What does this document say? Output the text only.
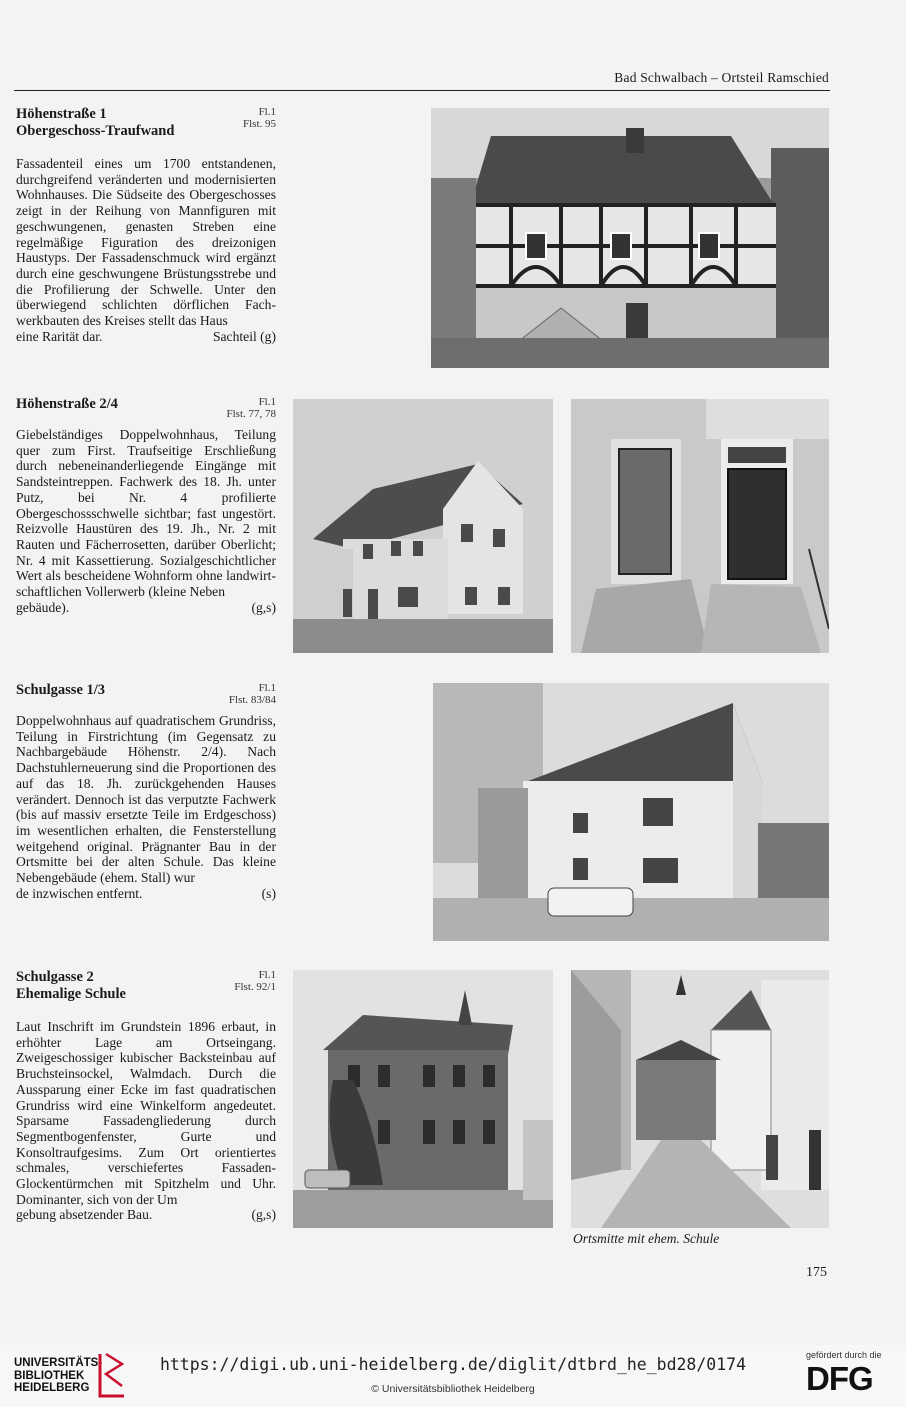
Bad Schwalbach – Ortsteil Ramschied
Höhenstraße 1
Obergeschoss-Traufwand
Fl.1
Flst. 95
Fassadenteil eines um 1700 entstandenen, durchgreifend veränderten und modernisierten Wohnhauses. Die Südseite des Obergeschosses zeigt in der Reihung von Mannfiguren mit geschwungenen, genasten Streben eine regelmäßige Figuration des dreizonigen Haustyps. Der Fassadenschmuck wird ergänzt durch eine geschwungene Brüstungsstrebe und die Profilierung der Schwelle. Unter den überwiegend schlichten dörflichen Fachwerkbauten des Kreises stellt das Haus
eine Rarität dar.	Sachteil (g)
Höhenstraße 2/4	Fl.1
Flst. 77, 78
Giebelständiges Doppelwohnhaus, Teilung quer zum First. Traufseitige Erschließung durch nebeneinanderliegende Eingänge mit Sandsteintreppen. Fachwerk des 18. Jh. unter Putz, bei Nr. 4 profilierte Obergeschossschwelle sichtbar; fast ungestört. Reizvolle Haustüren des 19. Jh., Nr. 2 mit Rauten und Fächerrosetten, darüber Oberlicht; Nr. 4 mit Kassettierung. Sozialgeschichtlicher Wert als bescheidene Wohnform ohne landwirtschaftlichen Vollerwerb (kleine Neben
gebäude).	(g,s)
Schulgasse 1/3	Fl.1
Flst. 83/84
Doppelwohnhaus auf quadratischem Grundriss, Teilung in Firstrichtung (im Gegensatz zu Nachbargebäude Höhenstr. 2/4). Nach Dachstuhlerneuerung sind die Proportionen des auf das 18. Jh. zurückgehenden Hauses verändert. Dennoch ist das verputzte Fachwerk (bis auf massiv ersetzte Teile im Erdgeschoss) im wesentlichen erhalten, die Fensterstellung weitgehend original. Prägnanter Bau in der Ortsmitte bei der alten Schule. Das kleine Nebengebäude (ehem. Stall) wur
de inzwischen entfernt.	(s)
Schulgasse 2
Ehemalige Schule
Fl.1
Flst. 92/1
Laut Inschrift im Grundstein 1896 erbaut, in erhöhter Lage am Ortseingang. Zweigeschossiger kubischer Backsteinbau auf Bruchsteinsockel, Walmdach. Durch die Aussparung einer Ecke im fast quadratischen Grundriss wird eine Winkelform angedeutet. Sparsame Fassadengliederung durch Segmentbogenfenster, Gurte und Konsoltraufgesims. Zum Ort orientiertes schmales, verschiefertes Fassaden-Glockentürmchen mit Spitzhelm und Uhr. Dominanter, sich von der Um
gebung absetzender Bau.	(g,s)
Ortsmitte mit ehem. Schule
175
UNIVERSITÄTS-
BIBLIOTHEK
HEIDELBERG
https://digi.ub.uni-heidelberg.de/diglit/dtbrd_he_bd28/0174
© Universitätsbibliothek Heidelberg
gefördert durch die
DFG
